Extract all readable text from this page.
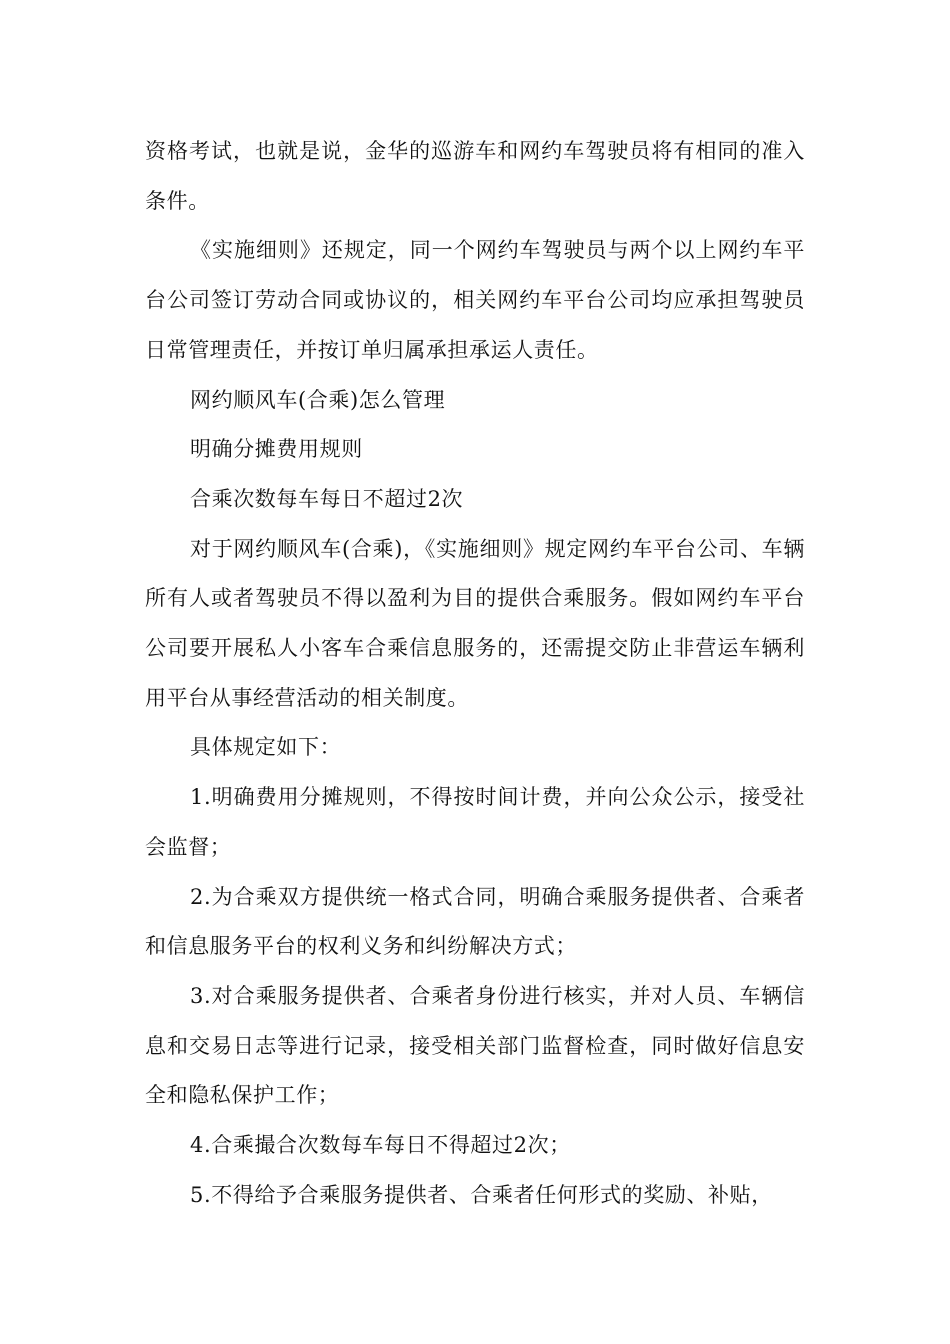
资格考试，也就是说，金华的巡游车和网约车驾驶员将有相同的准入条件。

《实施细则》还规定，同一个网约车驾驶员与两个以上网约车平台公司签订劳动合同或协议的，相关网约车平台公司均应承担驾驶员日常管理责任，并按订单归属承担承运人责任。

网约顺风车(合乘)怎么管理

明确分摊费用规则

合乘次数每车每日不超过2次

对于网约顺风车(合乘)，《实施细则》规定网约车平台公司、车辆所有人或者驾驶员不得以盈利为目的提供合乘服务。假如网约车平台公司要开展私人小客车合乘信息服务的，还需提交防止非营运车辆利用平台从事经营活动的相关制度。

具体规定如下：

1.明确费用分摊规则，不得按时间计费，并向公众公示，接受社会监督；

2.为合乘双方提供统一格式合同，明确合乘服务提供者、合乘者和信息服务平台的权利义务和纠纷解决方式；

3.对合乘服务提供者、合乘者身份进行核实，并对人员、车辆信息和交易日志等进行记录，接受相关部门监督检查，同时做好信息安全和隐私保护工作；

4.合乘撮合次数每车每日不得超过2次；

5.不得给予合乘服务提供者、合乘者任何形式的奖励、补贴，
